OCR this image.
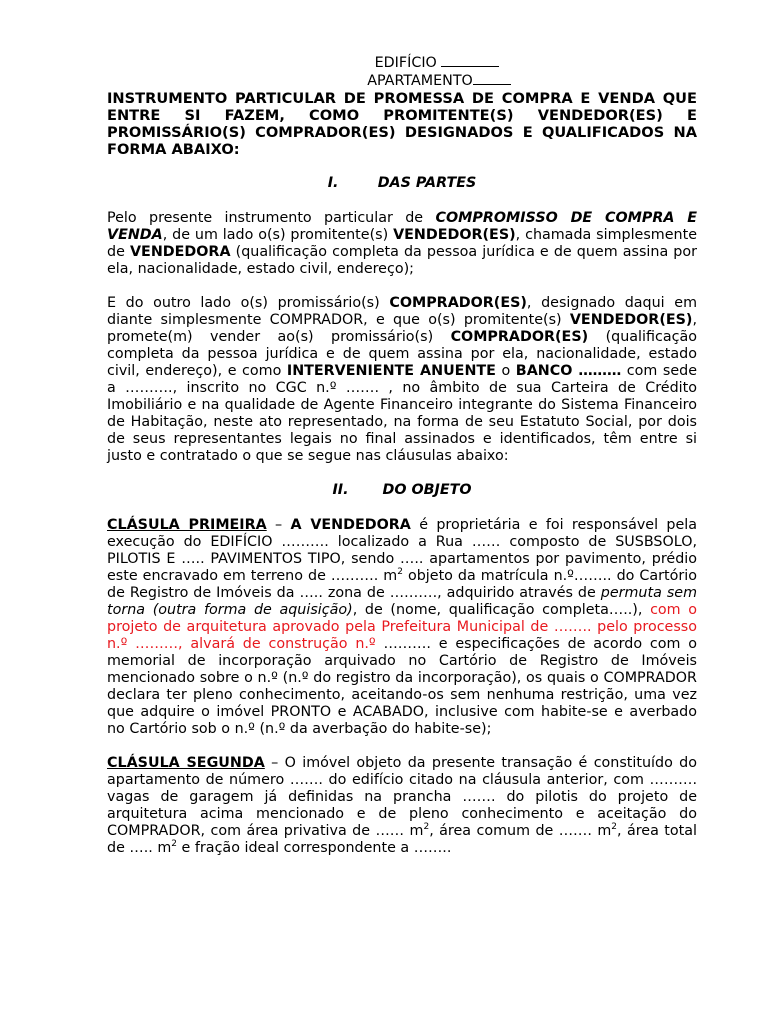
EDIFÍCIO
APARTAMENTO
INSTRUMENTO PARTICULAR DE PROMESSA DE COMPRA E VENDA QUE ENTRE SI FAZEM, COMO PROMITENTE(S) VENDEDOR(ES) E PROMISSÁRIO(S) COMPRADOR(ES) DESIGNADOS E QUALIFICADOS NA FORMA ABAIXO:
I.	DAS PARTES

Pelo presente instrumento particular de COMPROMISSO DE COMPRA E VENDA, de um lado o(s) promitente(s) VENDEDOR(ES), chamada simplesmente de VENDEDORA (qualificação completa da pessoa jurídica e de quem assina por ela, nacionalidade, estado civil, endereço);

E do outro lado o(s) promissário(s) COMPRADOR(ES), designado daqui em diante simplesmente COMPRADOR, e que o(s) promitente(s) VENDEDOR(ES), promete(m) vender ao(s) promissário(s) COMPRADOR(ES) (qualificação completa da pessoa jurídica e de quem assina por ela, nacionalidade, estado civil, endereço), e como INTERVENIENTE ANUENTE o BANCO ……… com sede a ………., inscrito no CGC n.º ……. , no âmbito de sua Carteira de Crédito Imobiliário e na qualidade de Agente Financeiro integrante do Sistema Financeiro de Habitação, neste ato representado, na forma de seu Estatuto Social, por dois de seus representantes legais no final assinados e identificados, têm entre si justo e contratado o que se segue nas cláusulas abaixo:

II. DO OBJETO

CLÁSULA PRIMEIRA – A VENDEDORA é proprietária e foi responsável pela execução do EDIFÍCIO ………. localizado a Rua …… composto de SUSBSOLO, PILOTIS E ….. PAVIMENTOS TIPO, sendo ….. apartamentos por pavimento, prédio este encravado em terreno de ………. $m^2$ objeto da matrícula n.º…….. do Cartório de Registro de Imóveis da ….. zona de ………., adquirido através de permuta sem torna (outra forma de aquisição), de (nome, qualificação completa…..), com o projeto de arquitetura aprovado pela Prefeitura Municipal de …….. pelo processo n.º ………, alvará de construção n.º ………. e especificações de acordo com o memorial de incorporação arquivado no Cartório de Registro de Imóveis mencionado sobre o n.º (n.º do registro da incorporação), os quais o COMPRADOR declara ter pleno conhecimento, aceitando-os sem nenhuma restrição, uma vez que adquire o imóvel PRONTO e ACABADO, inclusive com habite-se e averbado no Cartório sob o n.º (n.º da averbação do habite-se);

CLÁSULA SEGUNDA – O imóvel objeto da presente transação é constituído do apartamento de número ……. do edifício citado na cláusula anterior, com ………. vagas de garagem já definidas na prancha ……. do pilotis do projeto de arquitetura acima mencionado e de pleno conhecimento e aceitação do COMPRADOR, com área privativa de …… $m^2$, área comum de ……. $m^2$, área total de ….. $m^2$ e fração ideal correspondente a ……..
